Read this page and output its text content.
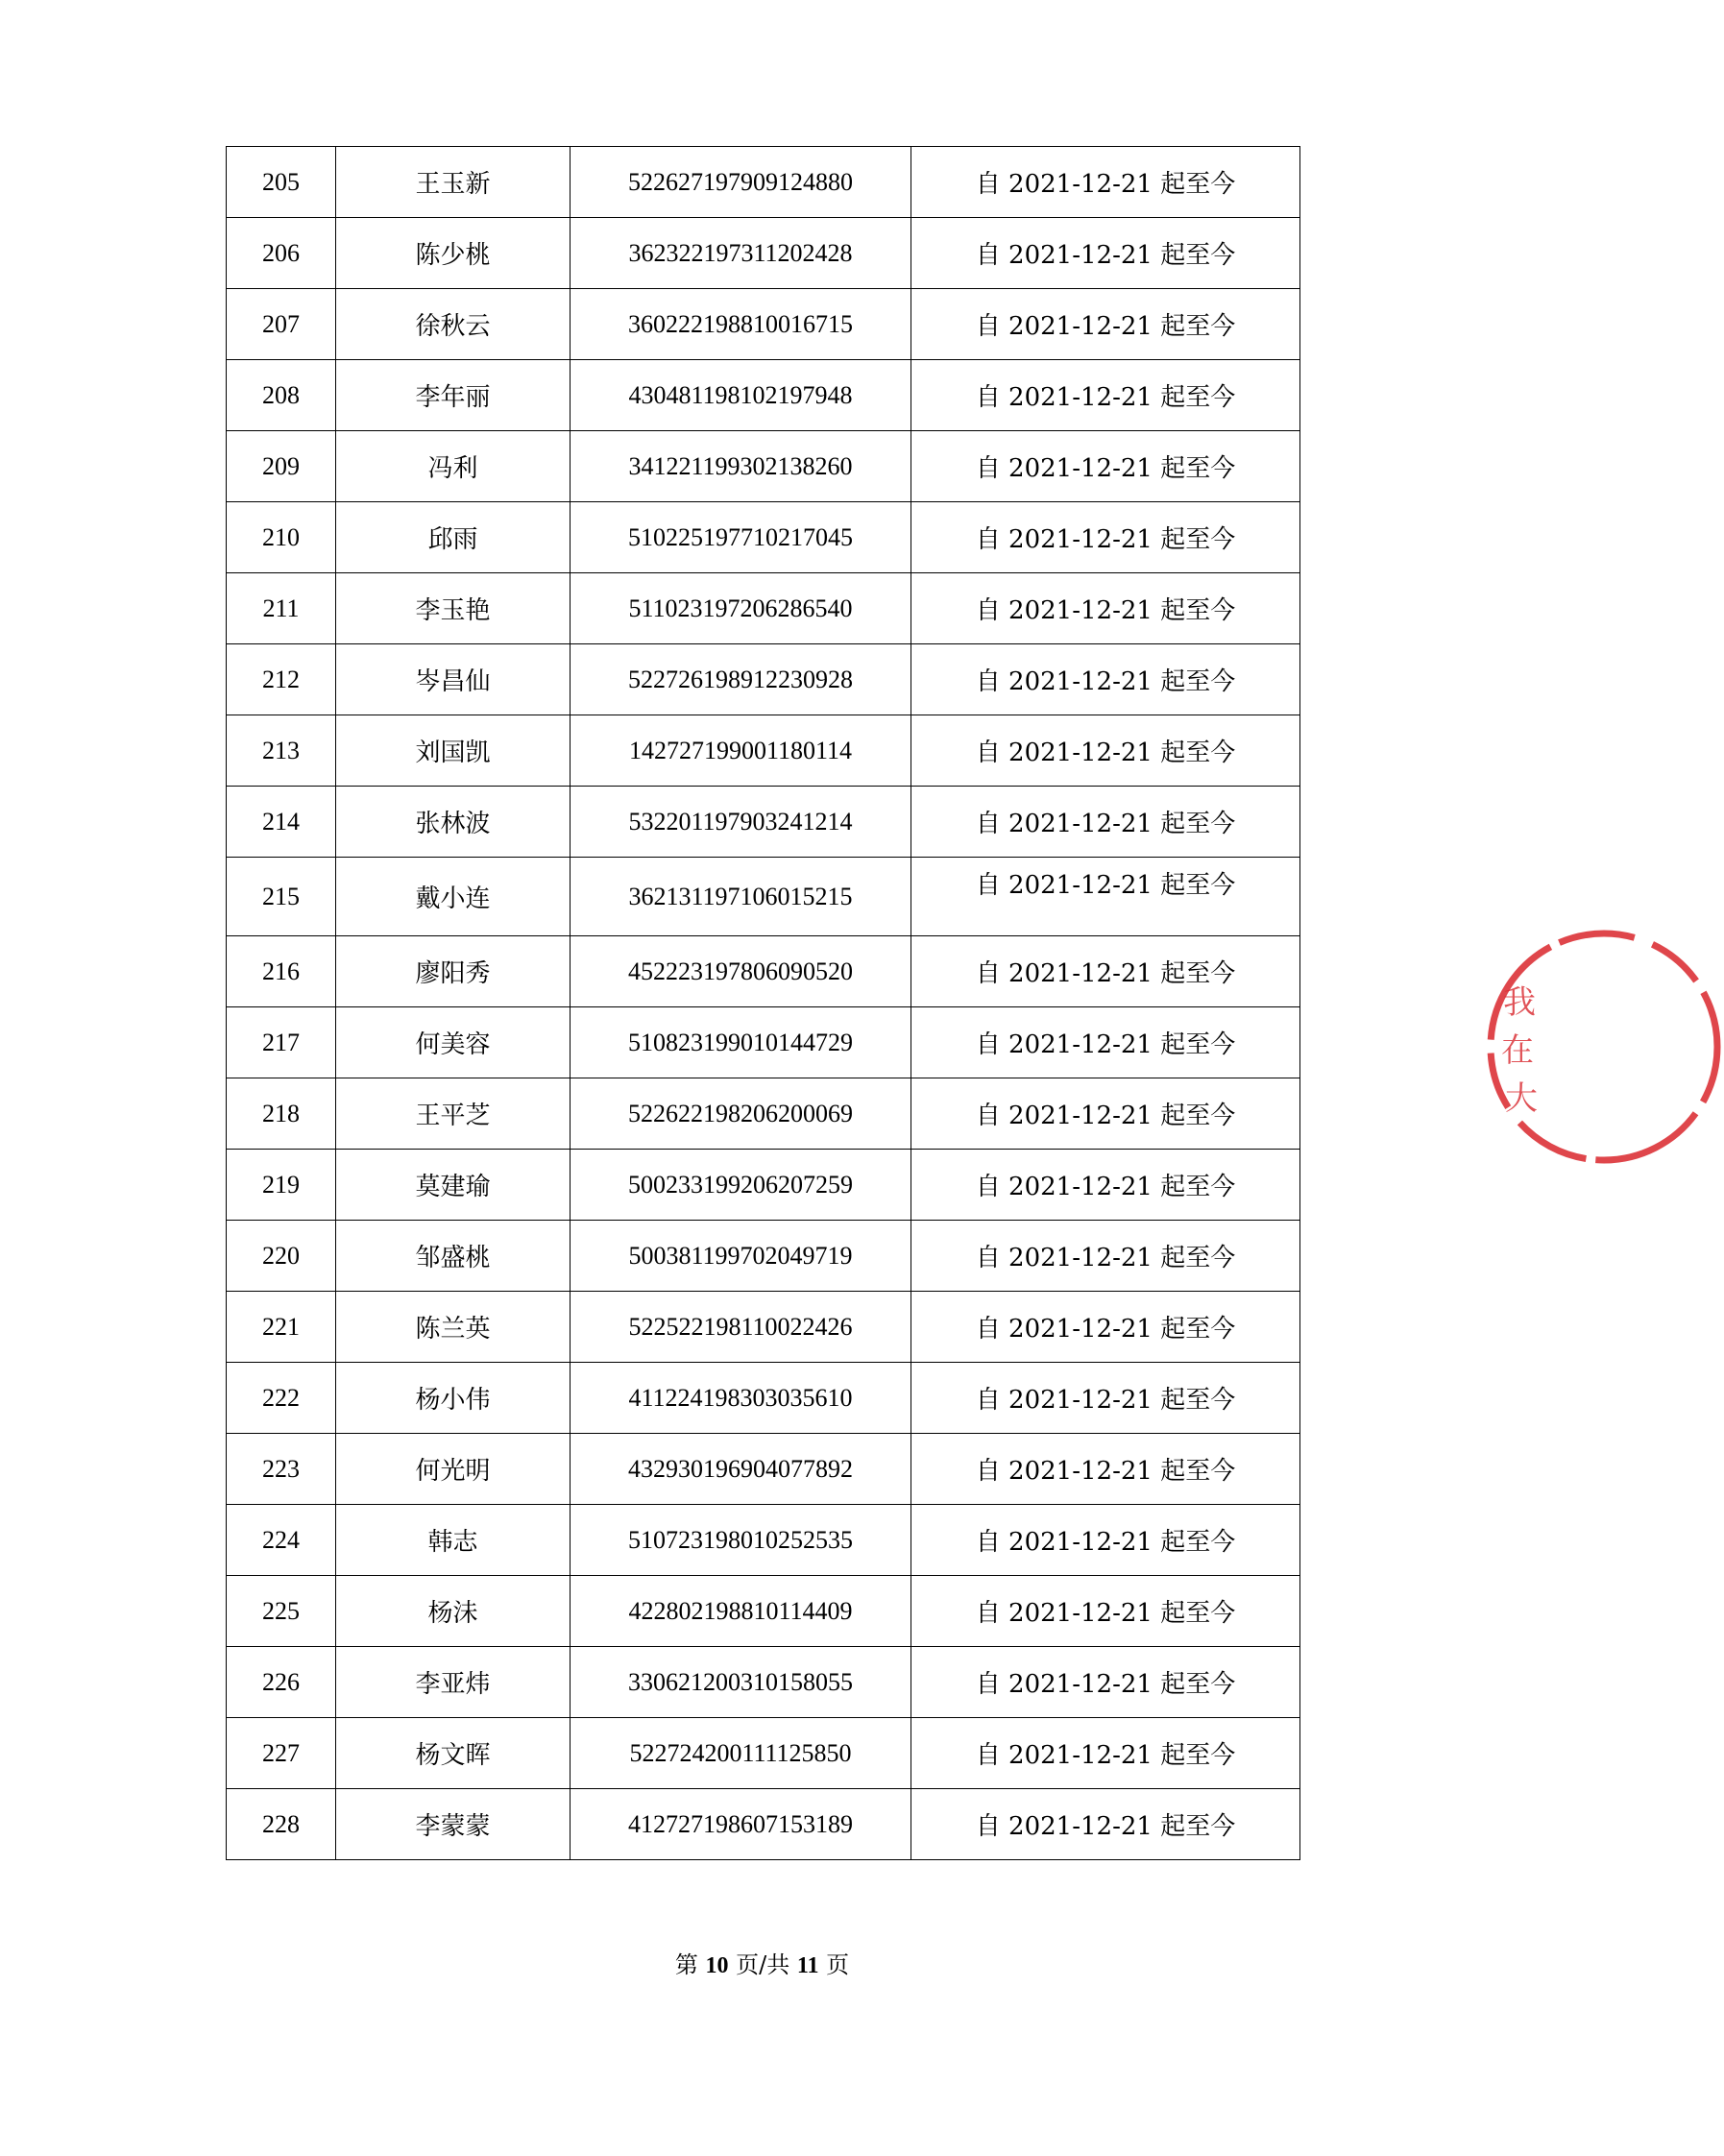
205	王玉新	522627197909124880	自 2021-12-21 起至今
206	陈少桃	362322197311202428	自 2021-12-21 起至今
207	徐秋云	360222198810016715	自 2021-12-21 起至今
208	李年丽	430481198102197948	自 2021-12-21 起至今
209	冯利	341221199302138260	自 2021-12-21 起至今
210	邱雨	510225197710217045	自 2021-12-21 起至今
211	李玉艳	511023197206286540	自 2021-12-21 起至今
212	岑昌仙	522726198912230928	自 2021-12-21 起至今
213	刘国凯	142727199001180114	自 2021-12-21 起至今
214	张林波	532201197903241214	自 2021-12-21 起至今
215	戴小连	362131197106015215	自 2021-12-21 起至今
216	廖阳秀	452223197806090520	自 2021-12-21 起至今
217	何美容	510823199010144729	自 2021-12-21 起至今
218	王平芝	522622198206200069	自 2021-12-21 起至今
219	莫建瑜	500233199206207259	自 2021-12-21 起至今
220	邹盛桃	500381199702049719	自 2021-12-21 起至今
221	陈兰英	522522198110022426	自 2021-12-21 起至今
222	杨小伟	411224198303035610	自 2021-12-21 起至今
223	何光明	432930196904077892	自 2021-12-21 起至今
224	韩志	510723198010252535	自 2021-12-21 起至今
225	杨沬	422802198810114409	自 2021-12-21 起至今
226	李亚炜	330621200310158055	自 2021-12-21 起至今
227	杨文晖	522724200111125850	自 2021-12-21 起至今
228	李蒙蒙	412727198607153189	自 2021-12-21 起至今
第 10 页/共 11 页
我
在
大
